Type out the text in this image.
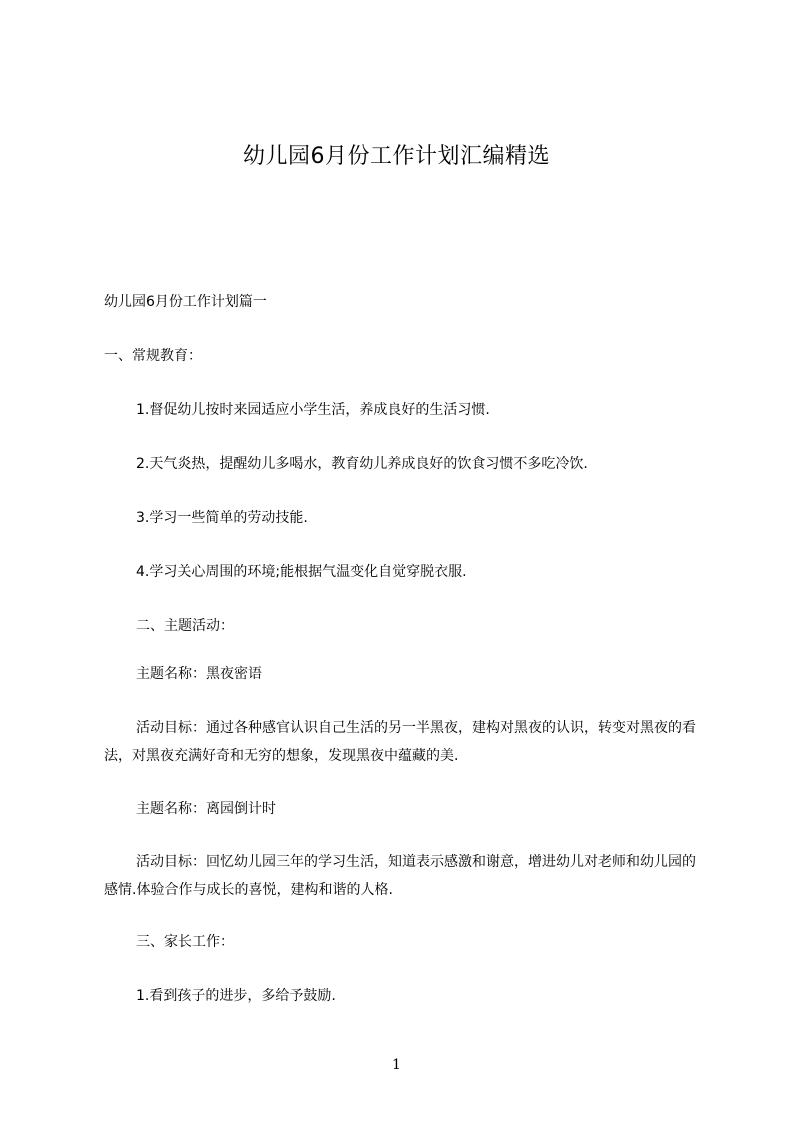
幼儿园6月份工作计划汇编精选

幼儿园6月份工作计划篇一

一、常规教育：

1.督促幼儿按时来园适应小学生活，养成良好的生活习惯.

2.天气炎热，提醒幼儿多喝水，教育幼儿养成良好的饮食习惯不多吃冷饮.

3.学习一些简单的劳动技能.

4.学习关心周围的环境;能根据气温变化自觉穿脱衣服.

二、主题活动：

主题名称：黑夜密语

活动目标：通过各种感官认识自己生活的另一半黑夜，建构对黑夜的认识，转变对黑夜的看法，对黑夜充满好奇和无穷的想象，发现黑夜中蕴藏的美.

主题名称：离园倒计时

活动目标：回忆幼儿园三年的学习生活，知道表示感激和谢意，增进幼儿对老师和幼儿园的感情.体验合作与成长的喜悦，建构和谐的人格.

三、家长工作：

1.看到孩子的进步，多给予鼓励.

1
